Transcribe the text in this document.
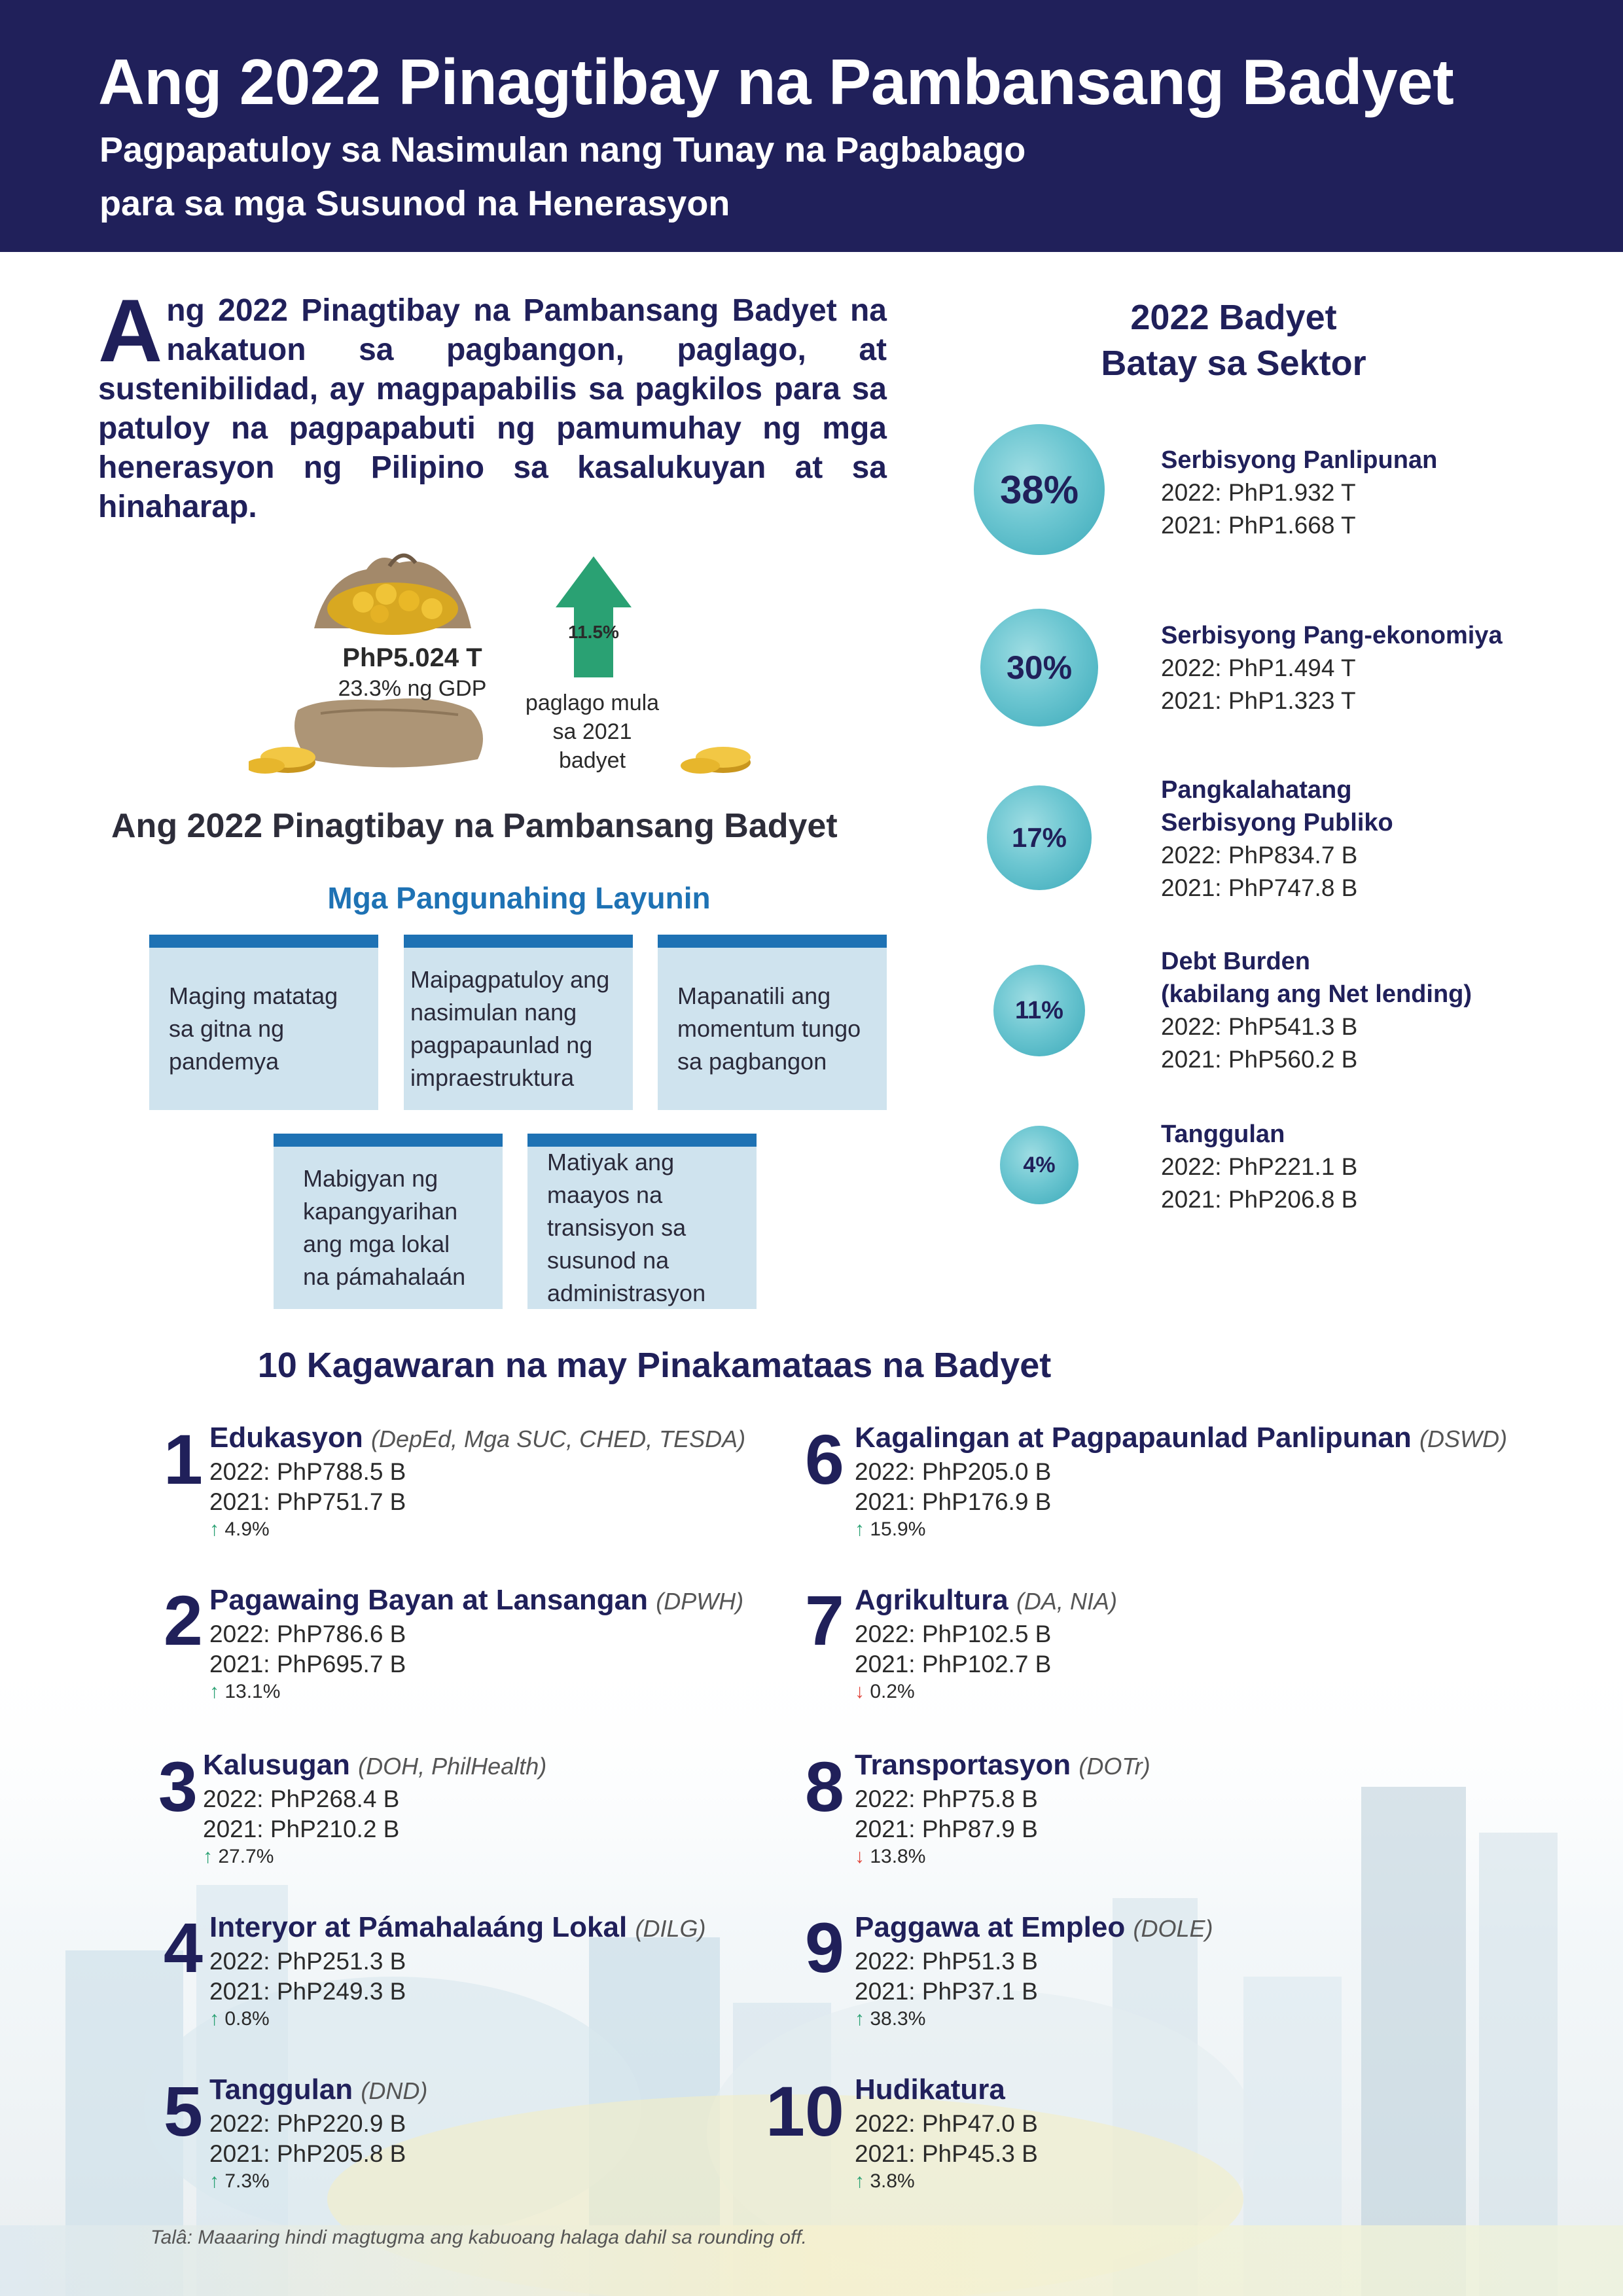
Ang 2022 Pinagtibay na Pambansang Badyet
Pagpapatuloy sa Nasimulan nang Tunay na Pagbabago
para sa mga Susunod na Henerasyon
Ang 2022 Pinagtibay na Pambansang Badyet na nakatuon sa pagbangon, paglago, at sustenibilidad, ay magpapabilis sa pagkilos para sa patuloy na pagpapabuti ng pamumuhay ng mga henerasyon ng Pilipino sa kasalukuyan at sa hinaharap.
PhP5.024 T
23.3% ng GDP
11.5%
paglago mula sa 2021 badyet
Ang 2022 Pinagtibay na Pambansang Badyet
Mga Pangunahing Layunin
Maging matatag sa gitna ng pandemya
Maipagpatuloy ang nasimulan nang pagpapaunlad ng impraestruktura
Mapanatili ang momentum tungo sa pagbangon
Mabigyan ng kapangyarihan ang mga lokal na pámahalaán
Matiyak ang maayos na transisyon sa susunod na administrasyon
2022 Badyet
Batay sa Sektor
38%
Serbisyong Panlipunan
2022: PhP1.932 T
2021: PhP1.668 T
30%
Serbisyong Pang-ekonomiya
2022: PhP1.494 T
2021: PhP1.323 T
17%
Pangkalahatang
Serbisyong Publiko
2022: PhP834.7 B
2021: PhP747.8 B
11%
Debt Burden
(kabilang ang Net lending)
2022: PhP541.3 B
2021: PhP560.2 B
4%
Tanggulan
2022: PhP221.1 B
2021: PhP206.8 B
10 Kagawaran na may Pinakamataas na Badyet
1 Edukasyon (DepEd, Mga SUC, CHED, TESDA)
2022: PhP788.5 B
2021: PhP751.7 B
↑ 4.9%
2 Pagawaing Bayan at Lansangan (DPWH)
2022: PhP786.6 B
2021: PhP695.7 B
↑ 13.1%
3 Kalusugan (DOH, PhilHealth)
2022: PhP268.4 B
2021: PhP210.2 B
↑ 27.7%
4 Interyor at Pámahalaáng Lokal (DILG)
2022: PhP251.3 B
2021: PhP249.3 B
↑ 0.8%
5 Tanggulan (DND)
2022: PhP220.9 B
2021: PhP205.8 B
↑ 7.3%
6 Kagalingan at Pagpapaunlad Panlipunan (DSWD)
2022: PhP205.0 B
2021: PhP176.9 B
↑ 15.9%
7 Agrikultura (DA, NIA)
2022: PhP102.5 B
2021: PhP102.7 B
↓ 0.2%
8 Transportasyon (DOTr)
2022: PhP75.8 B
2021: PhP87.9 B
↓ 13.8%
9 Paggawa at Empleo (DOLE)
2022: PhP51.3 B
2021: PhP37.1 B
↑ 38.3%
10 Hudikatura
2022: PhP47.0 B
2021: PhP45.3 B
↑ 3.8%
Talâ: Maaaring hindi magtugma ang kabuoang halaga dahil sa rounding off.
